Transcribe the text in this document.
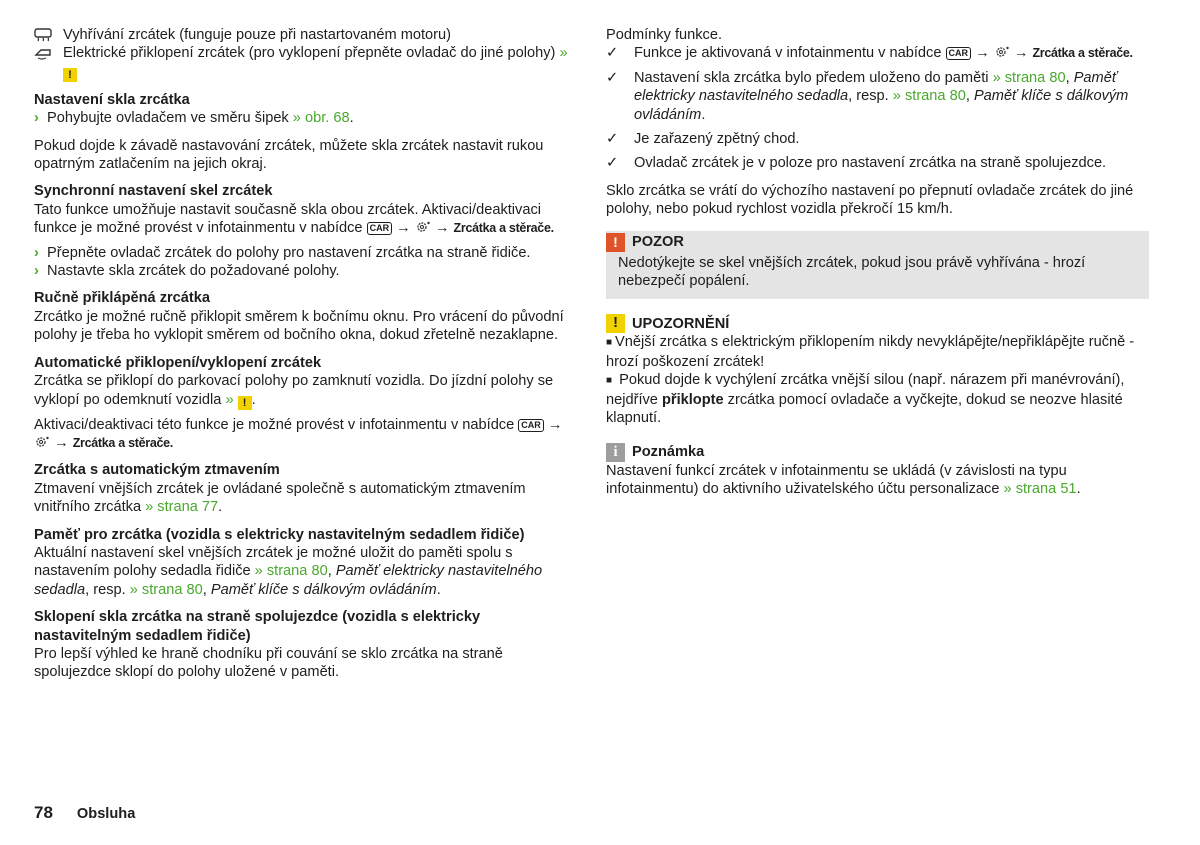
Vyhřívání zrcátek (funguje pouze při nastartovaném motoru)

Elektrické přiklopení zrcátek (pro vyklopení přepněte ovladač do jiné polohy) » !

Nastavení skla zrcátka

› Pohybujte ovladačem ve směru šipek » obr. 68.

Pokud dojde k závadě nastavování zrcátek, můžete skla zrcátek nastavit rukou opatrným zatlačením na jejich okraj.

Synchronní nastavení skel zrcátek

Tato funkce umožňuje nastavit současně skla obou zrcátek. Aktivaci/deaktivaci funkce je možné provést v infotainmentu v nabídce CAR → → Zrcátka a stěrače.

› Přepněte ovladač zrcátek do polohy pro nastavení zrcátka na straně řidiče.

› Nastavte skla zrcátek do požadované polohy.

Ručně přiklápěná zrcátka

Zrcátko je možné ručně přiklopit směrem k bočnímu oknu. Pro vrácení do původní polohy je třeba ho vyklopit směrem od bočního okna, dokud zřetelně nezaklapne.

Automatické přiklopení/vyklopení zrcátek

Zrcátka se přiklopí do parkovací polohy po zamknutí vozidla. Do jízdní polohy se vyklopí po odemknutí vozidla » ! .

Aktivaci/deaktivaci této funkce je možné provést v infotainmentu v nabídce CAR →  → Zrcátka a stěrače.

Zrcátka s automatickým ztmavením

Ztmavení vnějších zrcátek je ovládané společně s automatickým ztmavením vnitřního zrcátka » strana 77.

Paměť pro zrcátka (vozidla s elektricky nastavitelným sedadlem řidiče)

Aktuální nastavení skel vnějších zrcátek je možné uložit do paměti spolu s nastavením polohy sedadla řidiče » strana 80, Paměť elektricky nastavitelného sedadla, resp. » strana 80, Paměť klíče s dálkovým ovládáním.

Sklopení skla zrcátka na straně spolujezdce (vozidla s elektricky nastavitelným sedadlem řidiče)

Pro lepší výhled ke hraně chodníku při couvání se sklo zrcátka na straně spolujezdce sklopí do polohy uložené v paměti.

Podmínky funkce.

✓ Funkce je aktivovaná v infotainmentu v nabídce CAR → → Zrcátka a stěrače.

✓ Nastavení skla zrcátka bylo předem uloženo do paměti » strana 80, Paměť elektricky nastavitelného sedadla, resp. » strana 80, Paměť klíče s dálkovým ovládáním.

✓ Je zařazený zpětný chod.

✓ Ovladač zrcátek je v poloze pro nastavení zrcátka na straně spolujezdce.

Sklo zrcátka se vrátí do výchozího nastavení po přepnutí ovladače zrcátek do jiné polohy, nebo pokud rychlost vozidla překročí 15 km/h.

! POZOR

Nedotýkejte se skel vnějších zrcátek, pokud jsou právě vyhřívána - hrozí nebezpečí popálení.

! UPOZORNĚNÍ

■ Vnější zrcátka s elektrickým přiklopením nikdy nevyklápějte/nepřiklápějte ručně - hrozí poškození zrcátek!

■ Pokud dojde k vychýlení zrcátka vnější silou (např. nárazem při manévrování), nejdříve přiklopte zrcátka pomocí ovladače a vyčkejte, dokud se neozve hlasité klapnutí.

i Poznámka

Nastavení funkcí zrcátek v infotainmentu se ukládá (v závislosti na typu infotainmentu) do aktivního uživatelského účtu personalizace » strana 51.

78 Obsluha
